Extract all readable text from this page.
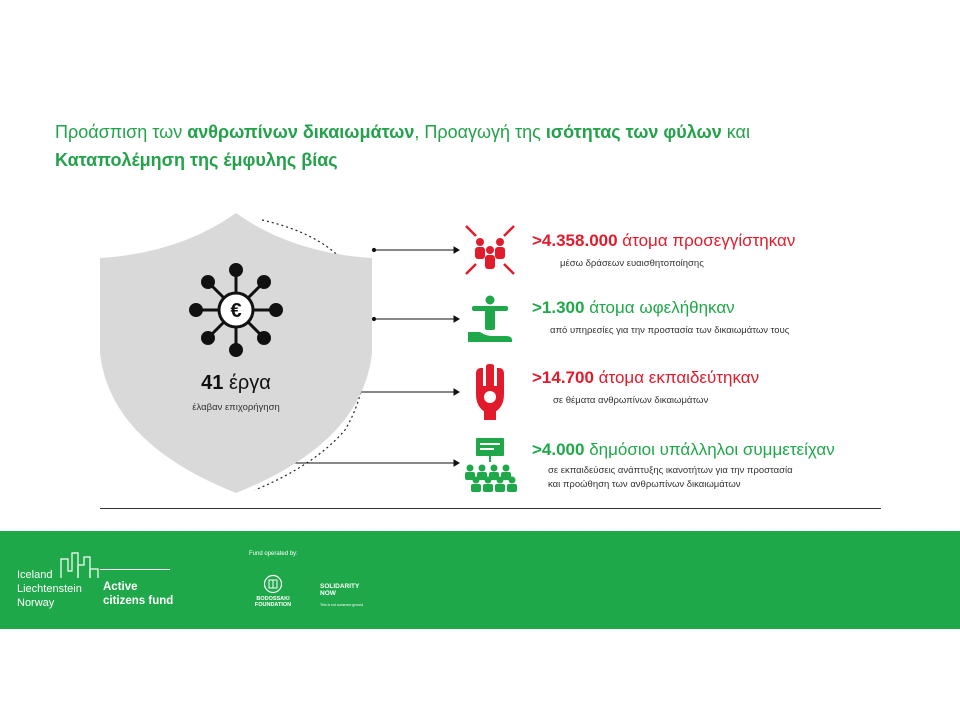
Προάσπιση των ανθρωπίνων δικαιωμάτων, Προαγωγή της ισότητας των φύλων και
Καταπολέμηση της έμφυλης βίας
€
41 έργα
έλαβαν επιχορήγηση
>4.358.000 άτομα προσεγγίστηκαν
μέσω δράσεων ευαισθητοποίησης
>1.300 άτομα ωφελήθηκαν
από υπηρεσίες για την προστασία των δικαιωμάτων τους
>14.700 άτομα εκπαιδεύτηκαν
σε θέματα ανθρωπίνων δικαιωμάτων
>4.000 δημόσιοι υπάλληλοι συμμετείχαν
σε εκπαιδεύσεις ανάπτυξης ικανοτήτων για την προστασία
και προώθηση των ανθρωπίνων δικαιωμάτων
Iceland
Liechtenstein
Norway
Active
citizens fund
Fund operated by:
BODOSSAKI
FOUNDATION
SOLIDARITY
NOW
This is not someone ground
